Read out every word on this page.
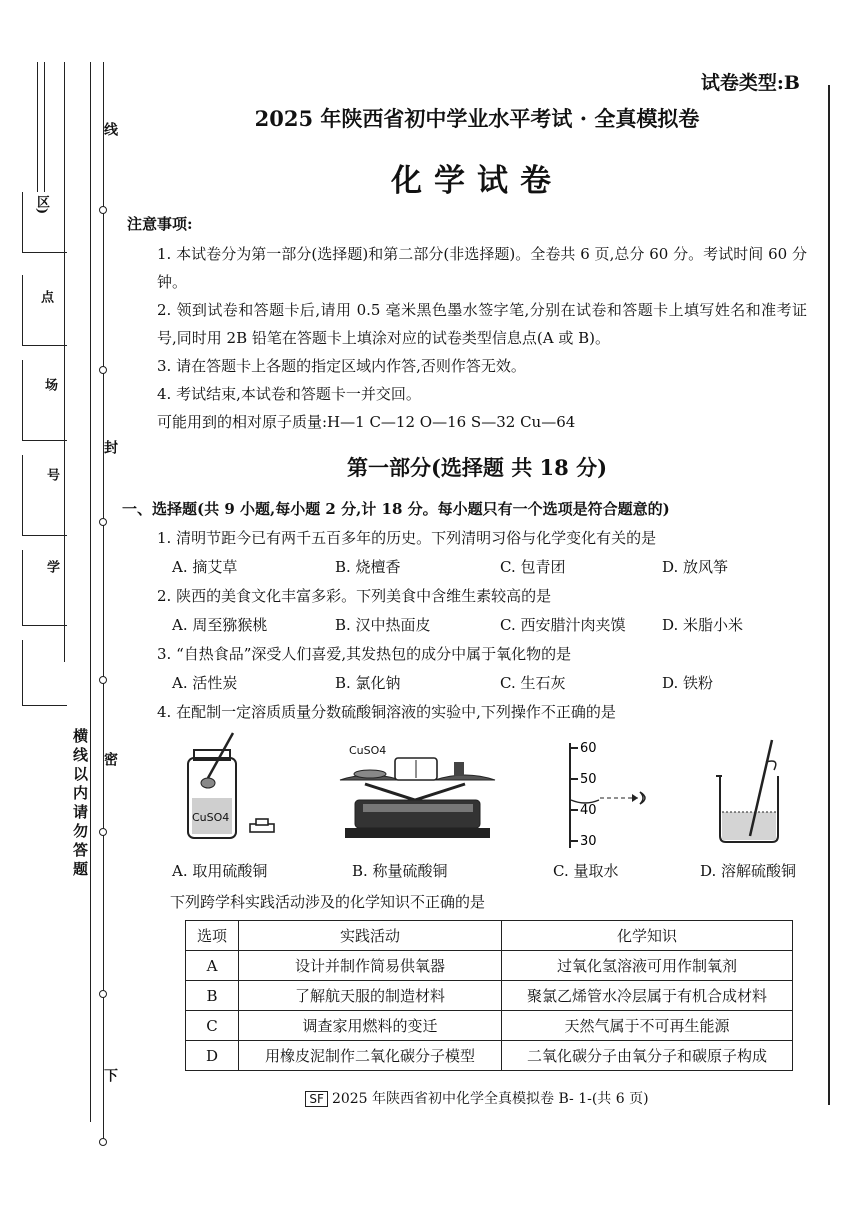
区)
点
场
号
学
线
封
密
下
横线以内请勿答题
试卷类型:B
2025 年陕西省初中学业水平考试 · 全真模拟卷
化学试卷
注意事项:
1. 本试卷分为第一部分(选择题)和第二部分(非选择题)。全卷共 6 页,总分 60 分。考试时间 60 分钟。
2. 领到试卷和答题卡后,请用 0.5 毫米黑色墨水签字笔,分别在试卷和答题卡上填写姓名和准考证号,同时用 2B 铅笔在答题卡上填涂对应的试卷类型信息点(A 或 B)。
3. 请在答题卡上各题的指定区域内作答,否则作答无效。
4. 考试结束,本试卷和答题卡一并交回。
可能用到的相对原子质量:H—1 C—12 O—16 S—32 Cu—64
第一部分(选择题 共 18 分)
一、选择题(共 9 小题,每小题 2 分,计 18 分。每小题只有一个选项是符合题意的)
1. 清明节距今已有两千五百多年的历史。下列清明习俗与化学变化有关的是
A. 摘艾草	B. 烧檀香	C. 包青团	D. 放风筝
2. 陕西的美食文化丰富多彩。下列美食中含维生素较高的是
A. 周至猕猴桃	B. 汉中热面皮	C. 西安腊汁肉夹馍 D. 米脂小米
3. “自热食品”深受人们喜爱,其发热包的成分中属于氧化物的是
A. 活性炭	B. 氯化钠	C. 生石灰	D. 铁粉
4. 在配制一定溶质质量分数硫酸铜溶液的实验中,下列操作不正确的是
CuSO4
A. 取用硫酸铜
CuSO4
B. 称量硫酸铜
60
50
40
30
C. 量取水	D. 溶解硫酸铜
下列跨学科实践活动涉及的化学知识不正确的是
选项	实践活动	化学知识
A	设计并制作简易供氧器	过氧化氢溶液可用作制氧剂
B	了解航天服的制造材料	聚氯乙烯管水冷层属于有机合成材料
C	调查家用燃料的变迁	天然气属于不可再生能源
D	用橡皮泥制作二氧化碳分子模型	二氧化碳分子由氧分子和碳原子构成
SF 2025 年陕西省初中化学全真模拟卷 B- 1-(共 6 页)
